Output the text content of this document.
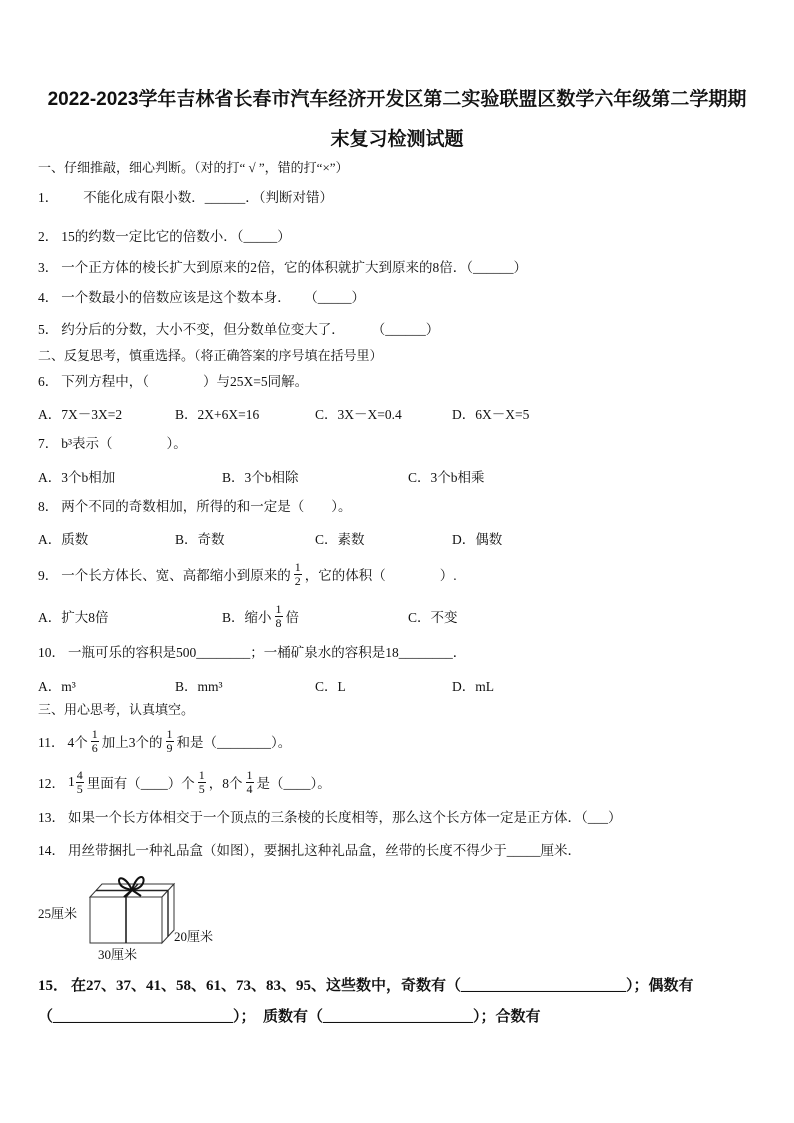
2022-2023学年吉林省长春市汽车经济开发区第二实验联盟区数学六年级第二学期期
末复习检测试题
一、仔细推敲，细心判断。（对的打“ √ ”，错的打“×”）
1． 不能化成有限小数．______．（判断对错）
2． 15的约数一定比它的倍数小．（_____）
3． 一个正方体的棱长扩大到原来的2倍，它的体积就扩大到原来的8倍．（______）
4． 一个数最小的倍数应该是这个数本身．　　（_____）
5． 约分后的分数，大小不变，但分数单位变大了．　　　（______）
二、反复思考，慎重选择。（将正确答案的序号填在括号里）
6． 下列方程中，（　　　　）与25X=5同解。
A．7X－3X=2	B．2X+6X=16	C．3X－X=0.4	D．6X－X=5
7． b³表示（　　　　）。
A．3个b相加	B．3个b相除	C．3个b相乘
8． 两个不同的奇数相加，所得的和一定是（　　）。
A．质数	B．奇数	C．素数	D．偶数
9． 一个长方体长、宽、高都缩小到原来的 $\frac{1}{2}$ ，它的体积（　　　　）.
A．扩大8倍	B．缩小 $\frac{1}{8}$ 倍	C．不变
10． 一瓶可乐的容积是500________；一桶矿泉水的容积是18________．
A．m³	B．mm³	C．L	D．mL
三、用心思考，认真填空。
11． 4个 $\frac{1}{6}$ 加上3个的 $\frac{1}{9}$ 和是（________）。
12． $1 \frac{4}{5}$ 里面有（____）个 $\frac{1}{5}$ ，8个 $\frac{1}{4}$ 是（____）。
13． 如果一个长方体相交于一个顶点的三条棱的长度相等，那么这个长方体一定是正方体．（___）
14． 用丝带捆扎一种礼品盒（如图），要捆扎这种礼品盒，丝带的长度不得少于_____厘米．
25厘米
20厘米
30厘米
15． 在27、37、41、58、61、73、83、95、这些数中，奇数有（______________________）；偶数有
（________________________）；　质数有（____________________）；合数有
